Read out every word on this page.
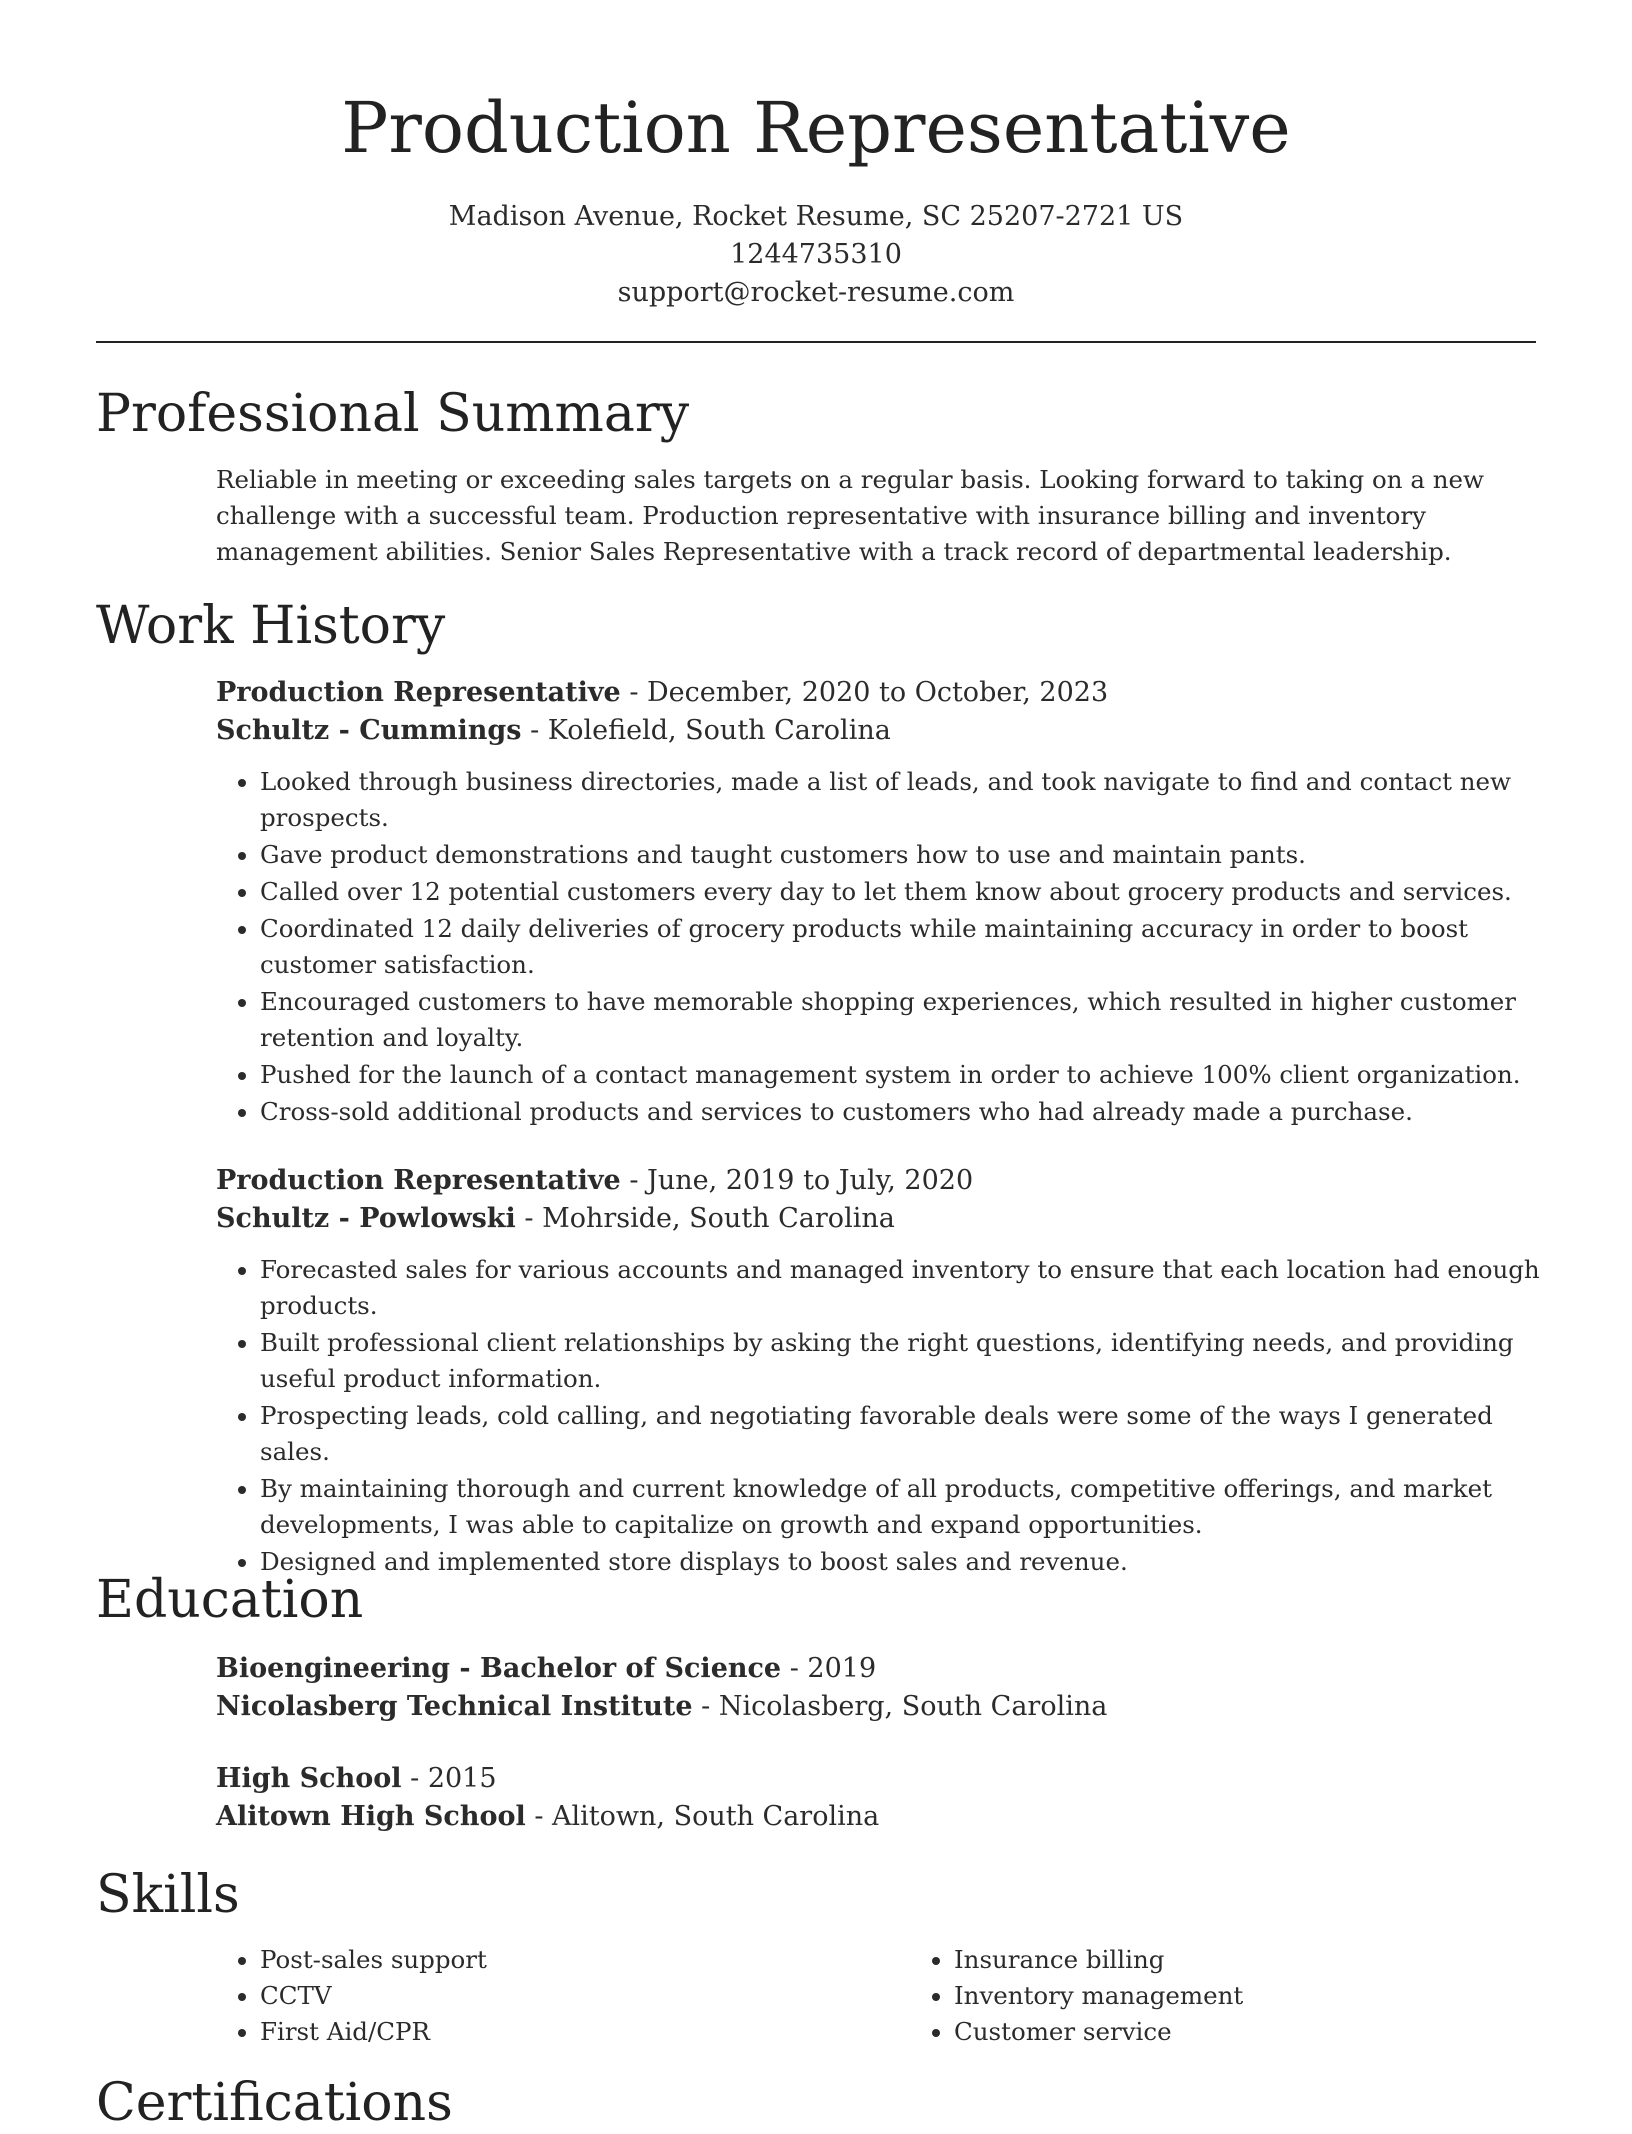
Production Representative
Madison Avenue, Rocket Resume, SC 25207-2721 US
1244735310
support@rocket-resume.com
Professional Summary

Reliable in meeting or exceeding sales targets on a regular basis. Looking forward to taking on a new challenge with a successful team. Production representative with insurance billing and inventory management abilities. Senior Sales Representative with a track record of departmental leadership.

Work History

Production Representative - December, 2020 to October, 2023

Schultz - Cummings - Kolefield, South Carolina

• Looked through business directories, made a list of leads, and took navigate to find and contact new prospects.
• Gave product demonstrations and taught customers how to use and maintain pants.
• Called over 12 potential customers every day to let them know about grocery products and services.
• Coordinated 12 daily deliveries of grocery products while maintaining accuracy in order to boost customer satisfaction.
• Encouraged customers to have memorable shopping experiences, which resulted in higher customer retention and loyalty.
• Pushed for the launch of a contact management system in order to achieve 100% client organization.
• Cross-sold additional products and services to customers who had already made a purchase.

Production Representative - June, 2019 to July, 2020

Schultz - Powlowski - Mohrside, South Carolina

• Forecasted sales for various accounts and managed inventory to ensure that each location had enough products.
• Built professional client relationships by asking the right questions, identifying needs, and providing useful product information.
• Prospecting leads, cold calling, and negotiating favorable deals were some of the ways I generated sales.
• By maintaining thorough and current knowledge of all products, competitive offerings, and market developments, I was able to capitalize on growth and expand opportunities.
• Designed and implemented store displays to boost sales and revenue.
Education

Bioengineering - Bachelor of Science - 2019

Nicolasberg Technical Institute - Nicolasberg, South Carolina

High School - 2015

Alitown High School - Alitown, South Carolina

Skills
• Post-sales support
• CCTV
• First Aid/CPR
• Insurance billing
• Inventory management
• Customer service
Certifications
